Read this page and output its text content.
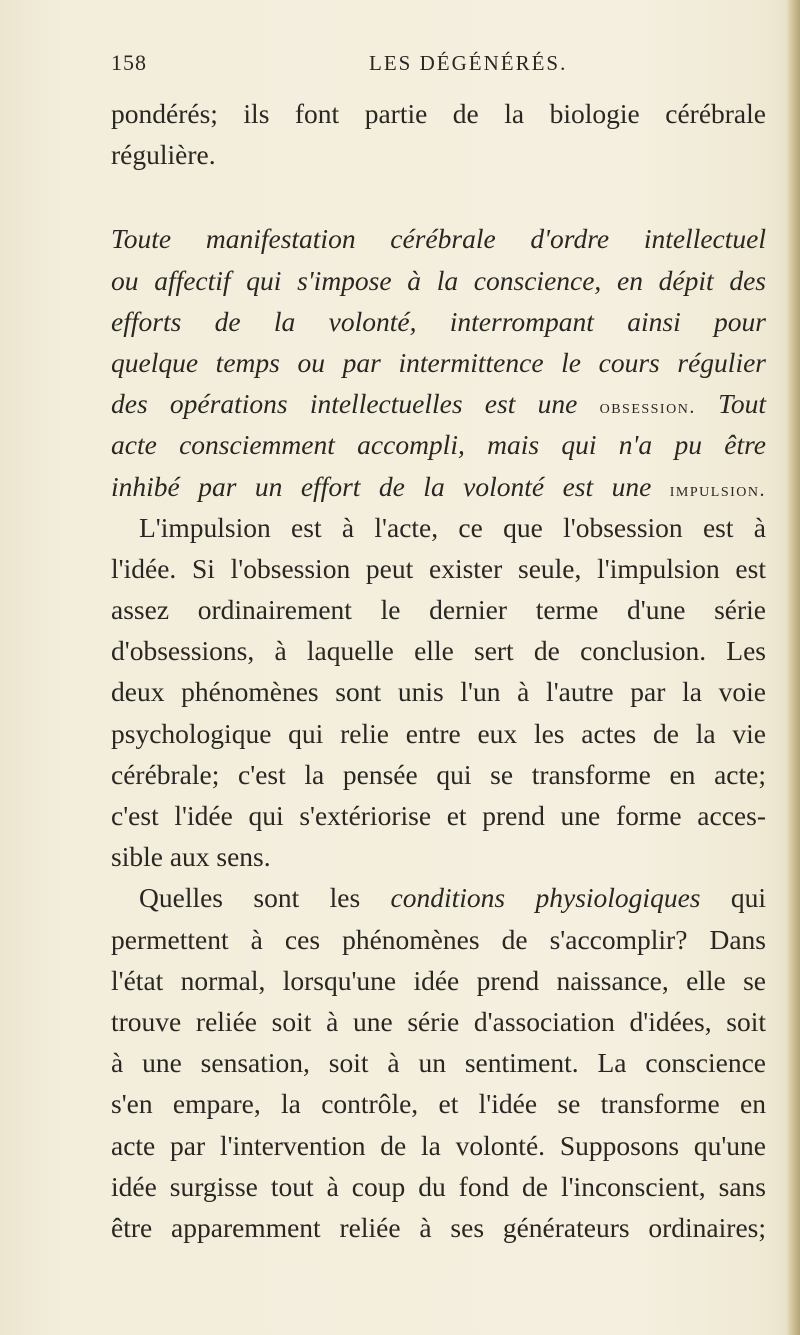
158	LES DÉGÉNÉRÉS.
pondérés; ils font partie de la biologie cérébrale
régulière.
Toute manifestation cérébrale d'ordre intellectuel
ou affectif qui s'impose à la conscience, en dépit des
efforts de la volonté, interrompant ainsi pour
quelque temps ou par intermittence le cours régulier
des opérations intellectuelles est une obsession. Tout
acte consciemment accompli, mais qui n'a pu être
inhibé par un effort de la volonté est une impulsion.
L'impulsion est à l'acte, ce que l'obsession est à
l'idée. Si l'obsession peut exister seule, l'impulsion est
assez ordinairement le dernier terme d'une série
d'obsessions, à laquelle elle sert de conclusion. Les
deux phénomènes sont unis l'un à l'autre par la voie
psychologique qui relie entre eux les actes de la vie
cérébrale; c'est la pensée qui se transforme en acte;
c'est l'idée qui s'extériorise et prend une forme acces-
sible aux sens.
Quelles sont les conditions physiologiques qui
permettent à ces phénomènes de s'accomplir? Dans
l'état normal, lorsqu'une idée prend naissance, elle se
trouve reliée soit à une série d'association d'idées, soit
à une sensation, soit à un sentiment. La conscience
s'en empare, la contrôle, et l'idée se transforme en
acte par l'intervention de la volonté. Supposons qu'une
idée surgisse tout à coup du fond de l'inconscient, sans
être apparemment reliée à ses générateurs ordinaires;
